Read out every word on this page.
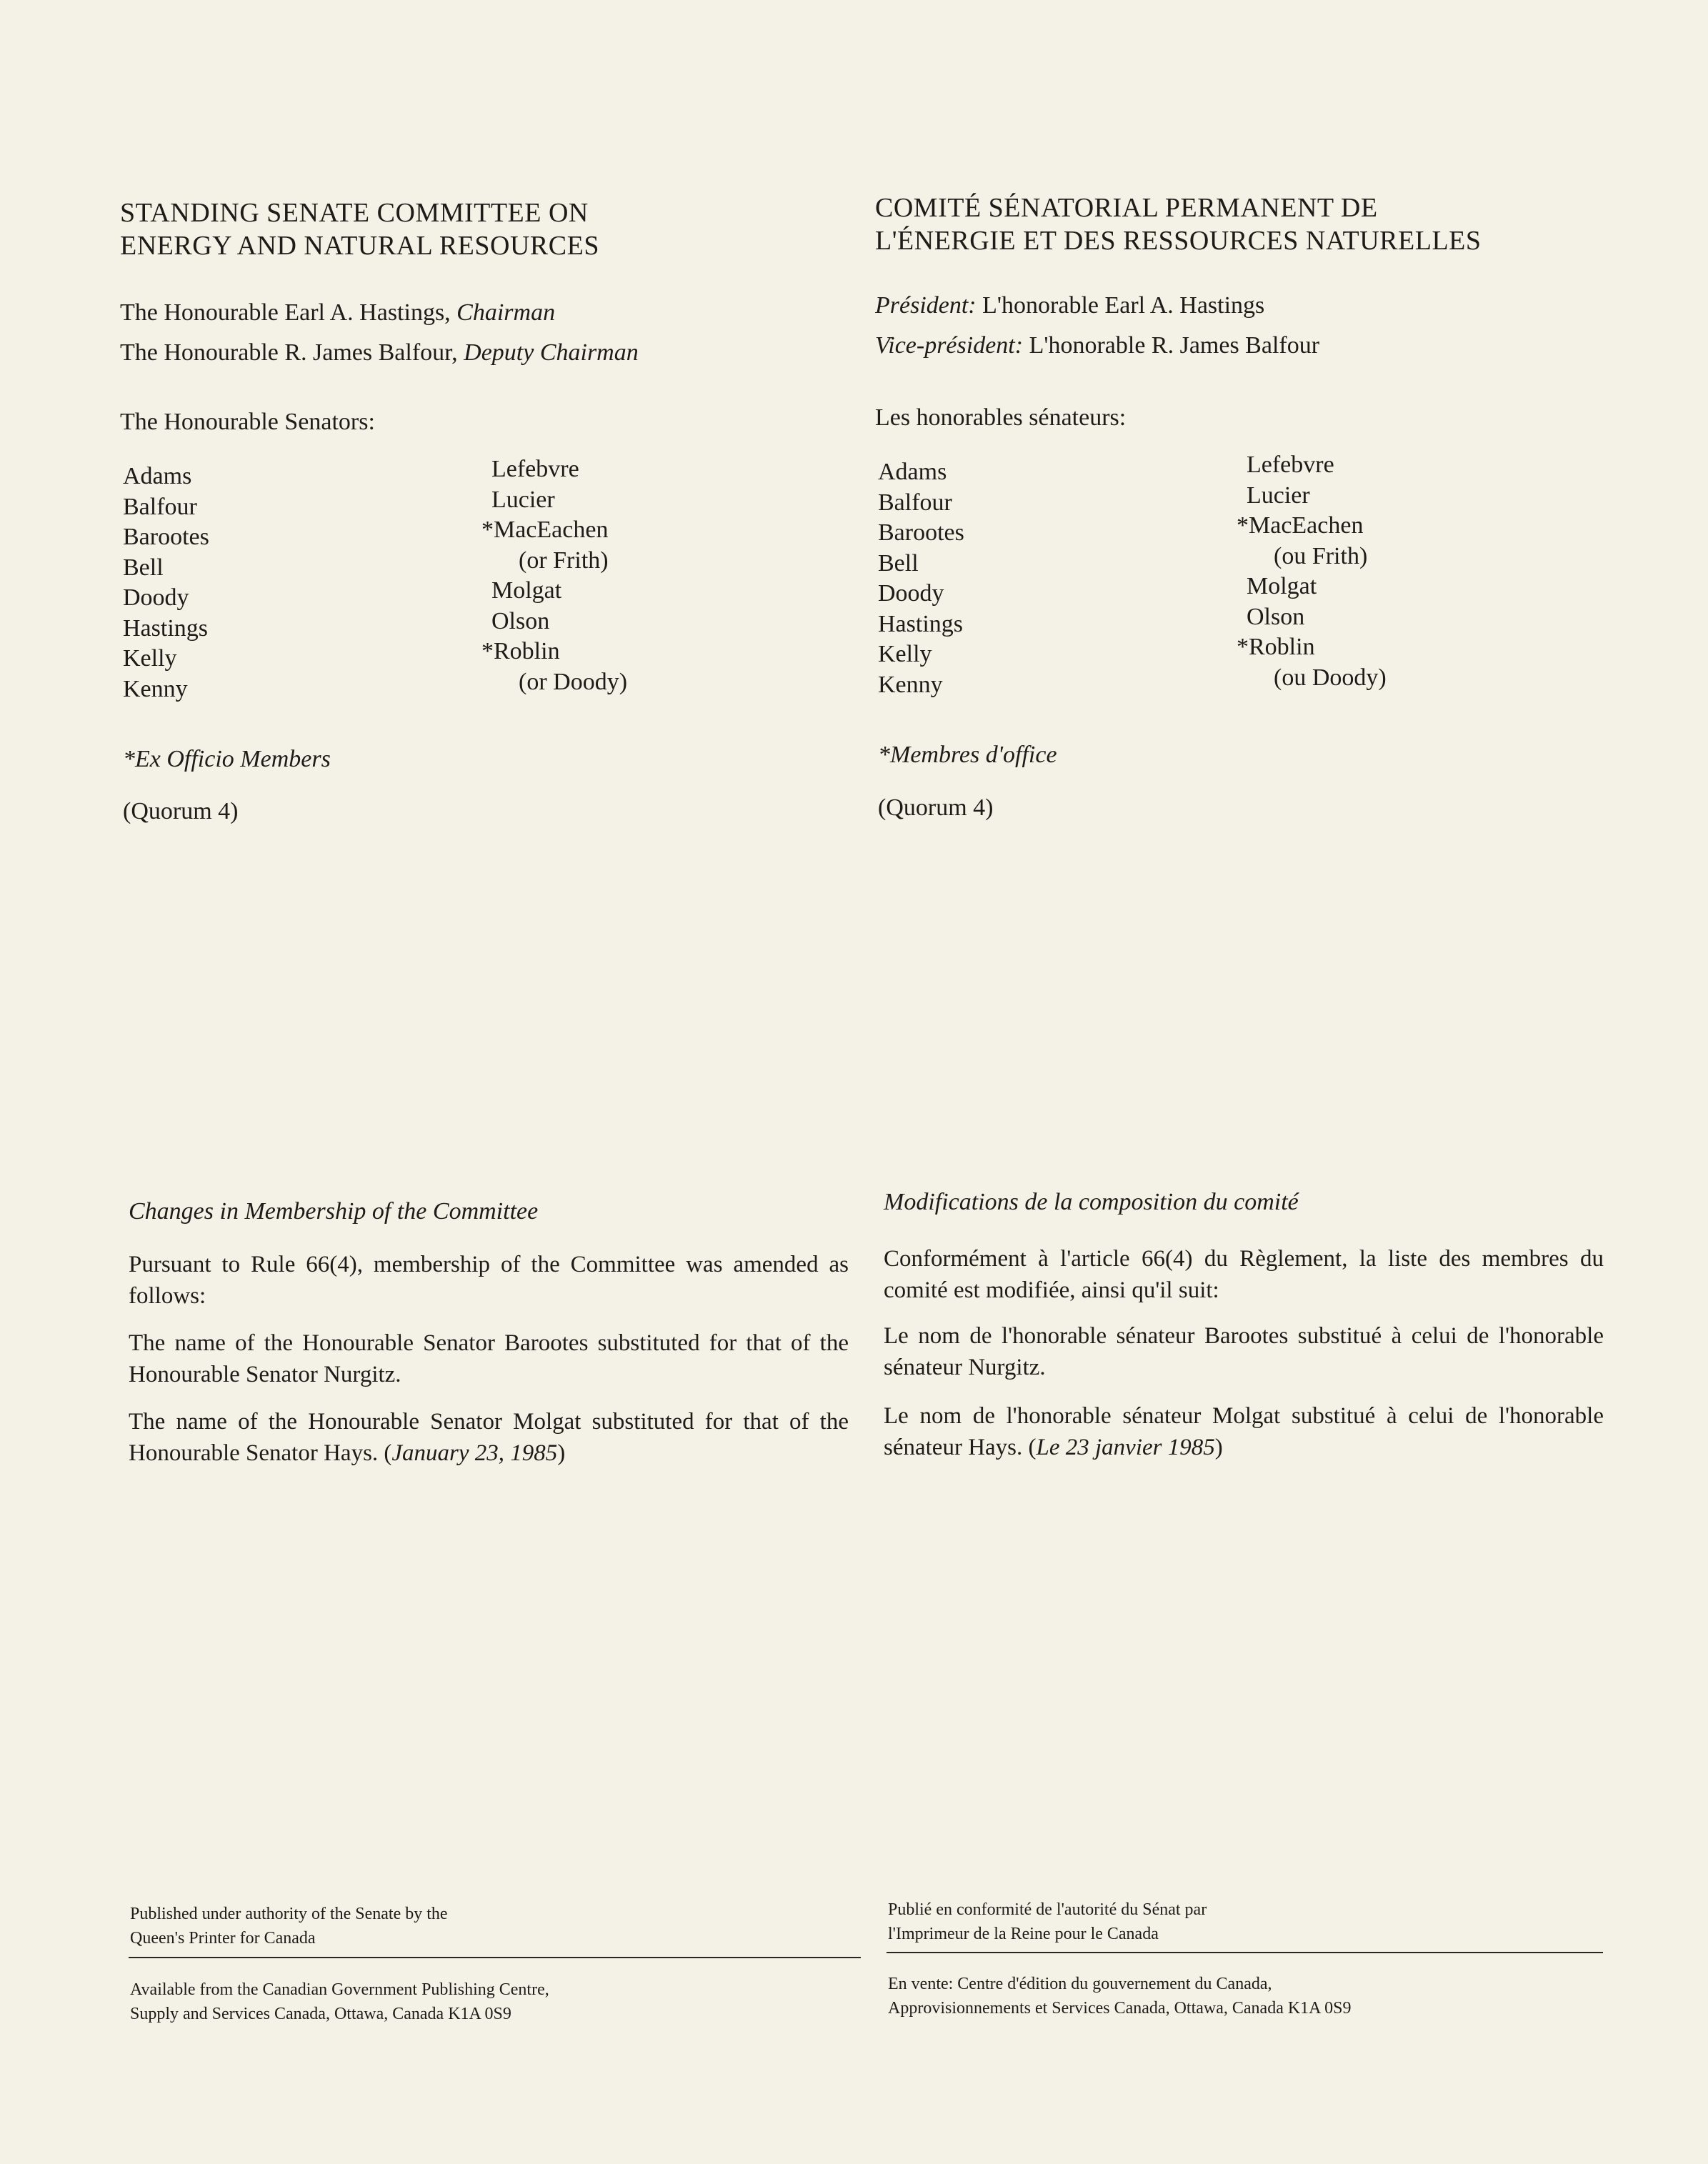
STANDING SENATE COMMITTEE ON
ENERGY AND NATURAL RESOURCES
The Honourable Earl A. Hastings, Chairman
The Honourable R. James Balfour, Deputy Chairman
The Honourable Senators:
Adams
Balfour
Barootes
Bell
Doody
Hastings
Kelly
Kenny
Lefebvre
Lucier
*MacEachen
(or Frith)
Molgat
Olson
*Roblin
(or Doody)
*Ex Officio Members
(Quorum 4)
Changes in Membership of the Committee
Pursuant to Rule 66(4), membership of the Committee was amended as follows:
The name of the Honourable Senator Barootes substituted for that of the Honourable Senator Nurgitz.
The name of the Honourable Senator Molgat substituted for that of the Honourable Senator Hays. (January 23, 1985)
Published under authority of the Senate by the
Queen's Printer for Canada
Available from the Canadian Government Publishing Centre,
Supply and Services Canada, Ottawa, Canada K1A 0S9
COMITÉ SÉNATORIAL PERMANENT DE
L'ÉNERGIE ET DES RESSOURCES NATURELLES
Président: L'honorable Earl A. Hastings
Vice-président: L'honorable R. James Balfour
Les honorables sénateurs:
Adams
Balfour
Barootes
Bell
Doody
Hastings
Kelly
Kenny
Lefebvre
Lucier
*MacEachen
(ou Frith)
Molgat
Olson
*Roblin
(ou Doody)
*Membres d'office
(Quorum 4)
Modifications de la composition du comité
Conformément à l'article 66(4) du Règlement, la liste des membres du comité est modifiée, ainsi qu'il suit:
Le nom de l'honorable sénateur Barootes substitué à celui de l'honorable sénateur Nurgitz.
Le nom de l'honorable sénateur Molgat substitué à celui de l'honorable sénateur Hays. (Le 23 janvier 1985)
Publié en conformité de l'autorité du Sénat par
l'Imprimeur de la Reine pour le Canada
En vente: Centre d'édition du gouvernement du Canada,
Approvisionnements et Services Canada, Ottawa, Canada K1A 0S9
